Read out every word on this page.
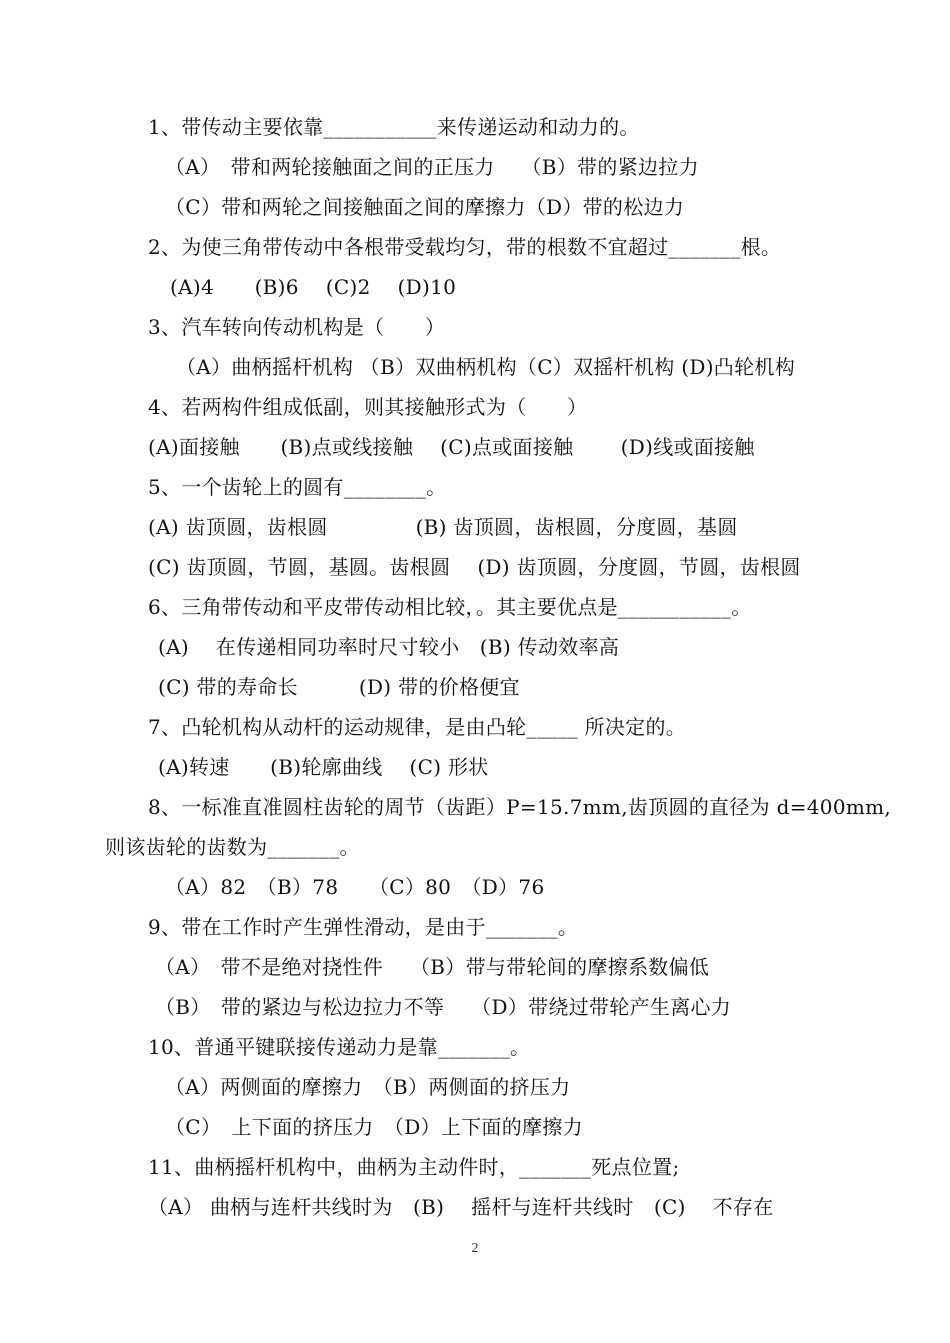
1、带传动主要依靠___________来传递运动和动力的。
（A）　带和两轮接触面之间的正压力　 （B）带的紧边拉力
（C）带和两轮之间接触面之间的摩擦力（D）带的松边力
2、为使三角带传动中各根带受载均匀，带的根数不宜超过_______根。
(A)4　　(B)6　 (C)2　 (D)10
3、汽车转向传动机构是（　　）
（A）曲柄摇杆机构 （B）双曲柄机构（C）双摇杆机构 (D)凸轮机构
4、若两构件组成低副，则其接触形式为（　　）
(A)面接触　　(B)点或线接触　 (C)点或面接触　　 (D)线或面接触
5、一个齿轮上的圆有________。
(A) 齿顶圆，齿根圆　　　　 (B) 齿顶圆，齿根圆，分度圆，基圆
(C) 齿顶圆，节圆，基圆。齿根圆　 (D) 齿顶圆，分度圆，节圆，齿根圆
6、三角带传动和平皮带传动相比较，。其主要优点是___________。
(A)　 在传递相同功率时尺寸较小　(B) 传动效率高
(C) 带的寿命长　　　(D) 带的价格便宜
7、凸轮机构从动杆的运动规律，是由凸轮_____ 所决定的。
(A)转速　　(B)轮廓曲线　 (C) 形状
8、一标准直准圆柱齿轮的周节（齿距）P=15.7mm,齿顶圆的直径为 d=400mm,
则该齿轮的齿数为_______。
（A）82　（B）78　　（C）80　（D）76
9、带在工作时产生弹性滑动，是由于_______。
（A）　带不是绝对挠性件　 （B）带与带轮间的摩擦系数偏低
（B）　带的紧边与松边拉力不等　 （D）带绕过带轮产生离心力
10、普通平键联接传递动力是靠_______。
（A）两侧面的摩擦力　（B）两侧面的挤压力
（C）　上下面的挤压力　（D）上下面的摩擦力
11、曲柄摇杆机构中，曲柄为主动件时，_______死点位置;
（A） 曲柄与连杆共线时为　(B)　 摇杆与连杆共线时　(C)　 不存在
2
